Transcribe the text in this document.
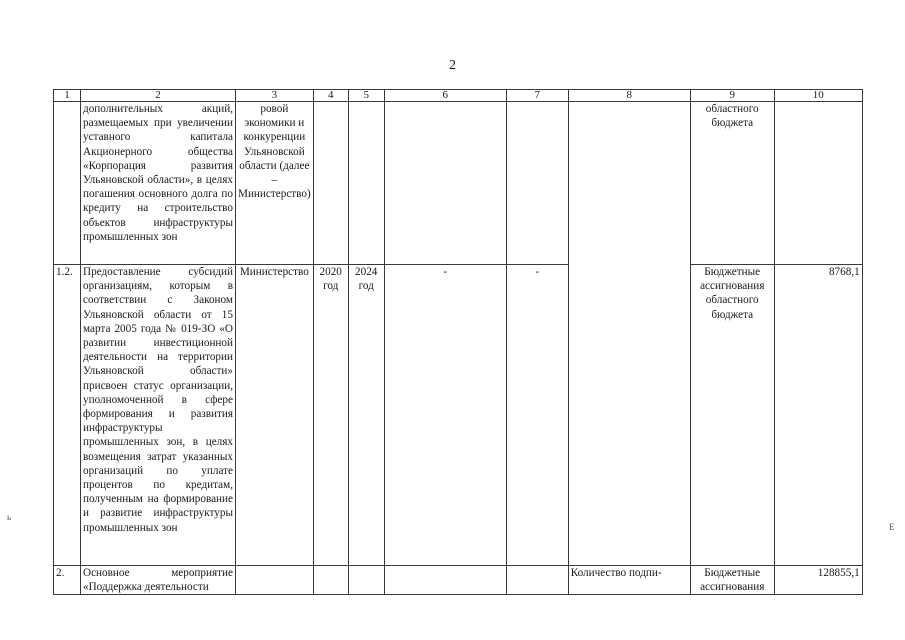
2
1	2	3	4	5	6	7	8	9	10
	дополнительных акций, размещаемых при увеличении уставного капитала Акционерного общества «Корпорация развития Ульяновской области», в целях погашения основного долга по кредиту на строительство объектов инфраструктуры промышленных зон	ровой экономики и конкуренции Ульяновской области (далее – Министерство)						областного бюджета	
1.2.	Предоставление субсидий организациям, которым в соответствии с Законом Ульяновской области от 15 марта 2005 года № 019-ЗО «О развитии инвестиционной деятельности на территории Ульяновской области» присвоен статус организации, уполномоченной в сфере формирования и развития инфраструктуры промышленных зон, в целях возмещения затрат указанных организаций по уплате процентов по кредитам, полученным на формирование и развитие инфраструктуры промышленных зон	Министерство	2020 год	2024 год	-	-		Бюджетные ассигнования областного бюджета	8768,1
2.	Основное мероприятие «Поддержка деятельности						Количество подпи-	Бюджетные ассигнования	128855,1
ь
Е
